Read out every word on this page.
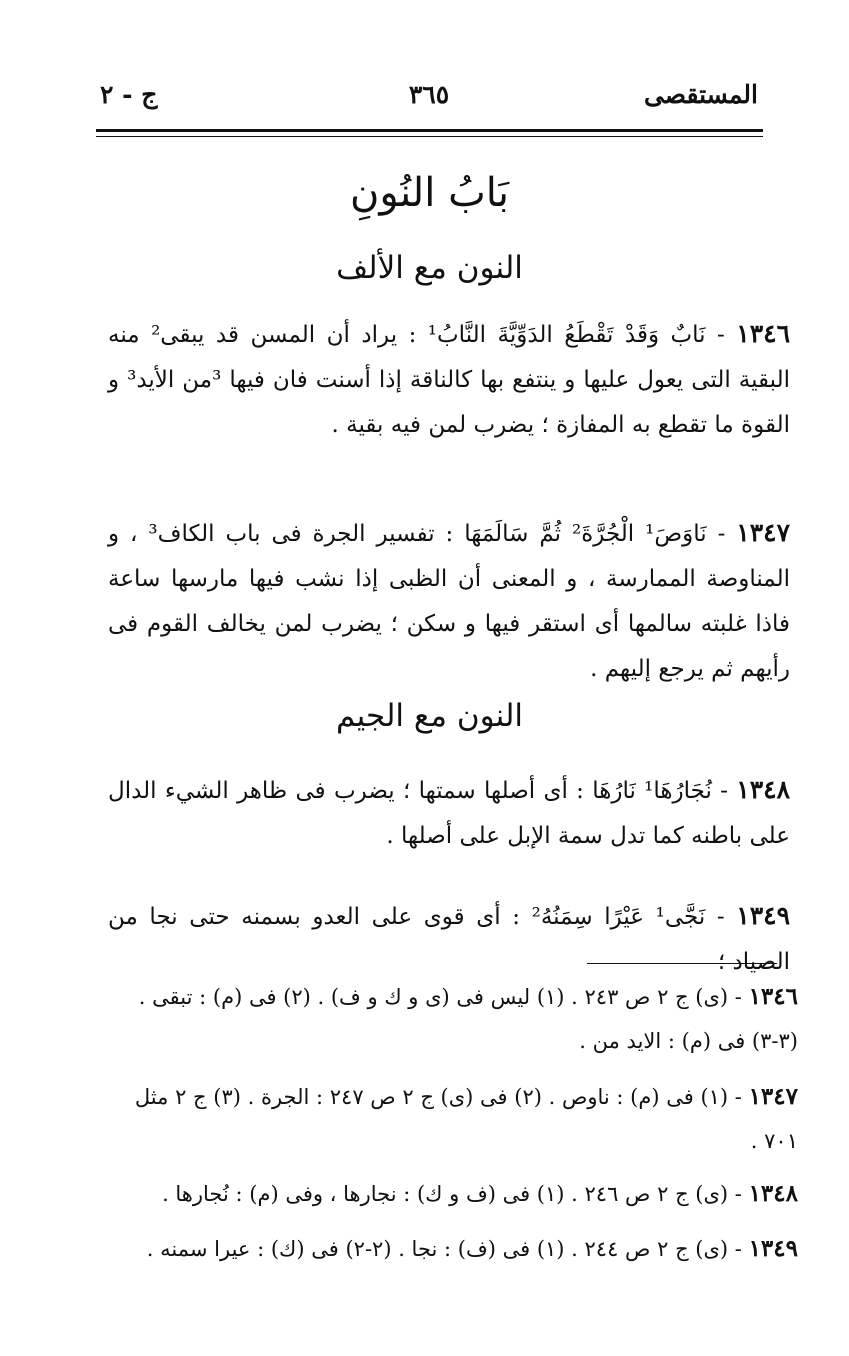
المستقصى
٣٦٥
ج - ٢
بَابُ النُونِ
النون مع الألف
١٣٤٦ - نَابٌ وَقَدْ تَقْطَعُ الدَوِّيَّةَ النَّابُ¹ : يراد أن المسن قد يبقى² منه البقية التى يعول عليها و ينتفع بها كالناقة إذا أسنت فان فيها ³من الأيد³ و القوة ما تقطع به المفازة ؛ يضرب لمن فيه بقية .
١٣٤٧ - نَاوَصَ¹ الْجُرَّةَ² ثُمَّ سَالَمَهَا : تفسير الجرة فى باب الكاف³ ، و المناوصة الممارسة ، و المعنى أن الظبى إذا نشب فيها مارسها ساعة فاذا غلبته سالمها أى استقر فيها و سكن ؛ يضرب لمن يخالف القوم فى رأيهم ثم يرجع إليهم .
النون مع الجيم
١٣٤٨ - نُجَارُهَا¹ نَارُهَا : أى أصلها سمتها ؛ يضرب فى ظاهر الشيء الدال على باطنه كما تدل سمة الإبل على أصلها .
١٣٤٩ - نَجَّى¹ عَيْرًا سِمَنُهُ² : أى قوى على العدو بسمنه حتى نجا من الصياد ؛
١٣٤٦ - (ى) ج ٢ ص ٢٤٣ . (١) ليس فى (ى و ك و ف) . (٢) فى (م) : تبقى . (٣-٣) فى (م) : الايد من .
١٣٤٧ - (١) فى (م) : ناوص . (٢) فى (ى) ج ٢ ص ٢٤٧ : الجرة . (٣) ج ٢ مثل ٧٠١ .
١٣٤٨ - (ى) ج ٢ ص ٢٤٦ . (١) فى (ف و ك) : نجارها ، وفى (م) : نُجارها .
١٣٤٩ - (ى) ج ٢ ص ٢٤٤ . (١) فى (ف) : نجا . (٢-٢) فى (ك) : عيرا سمنه .
